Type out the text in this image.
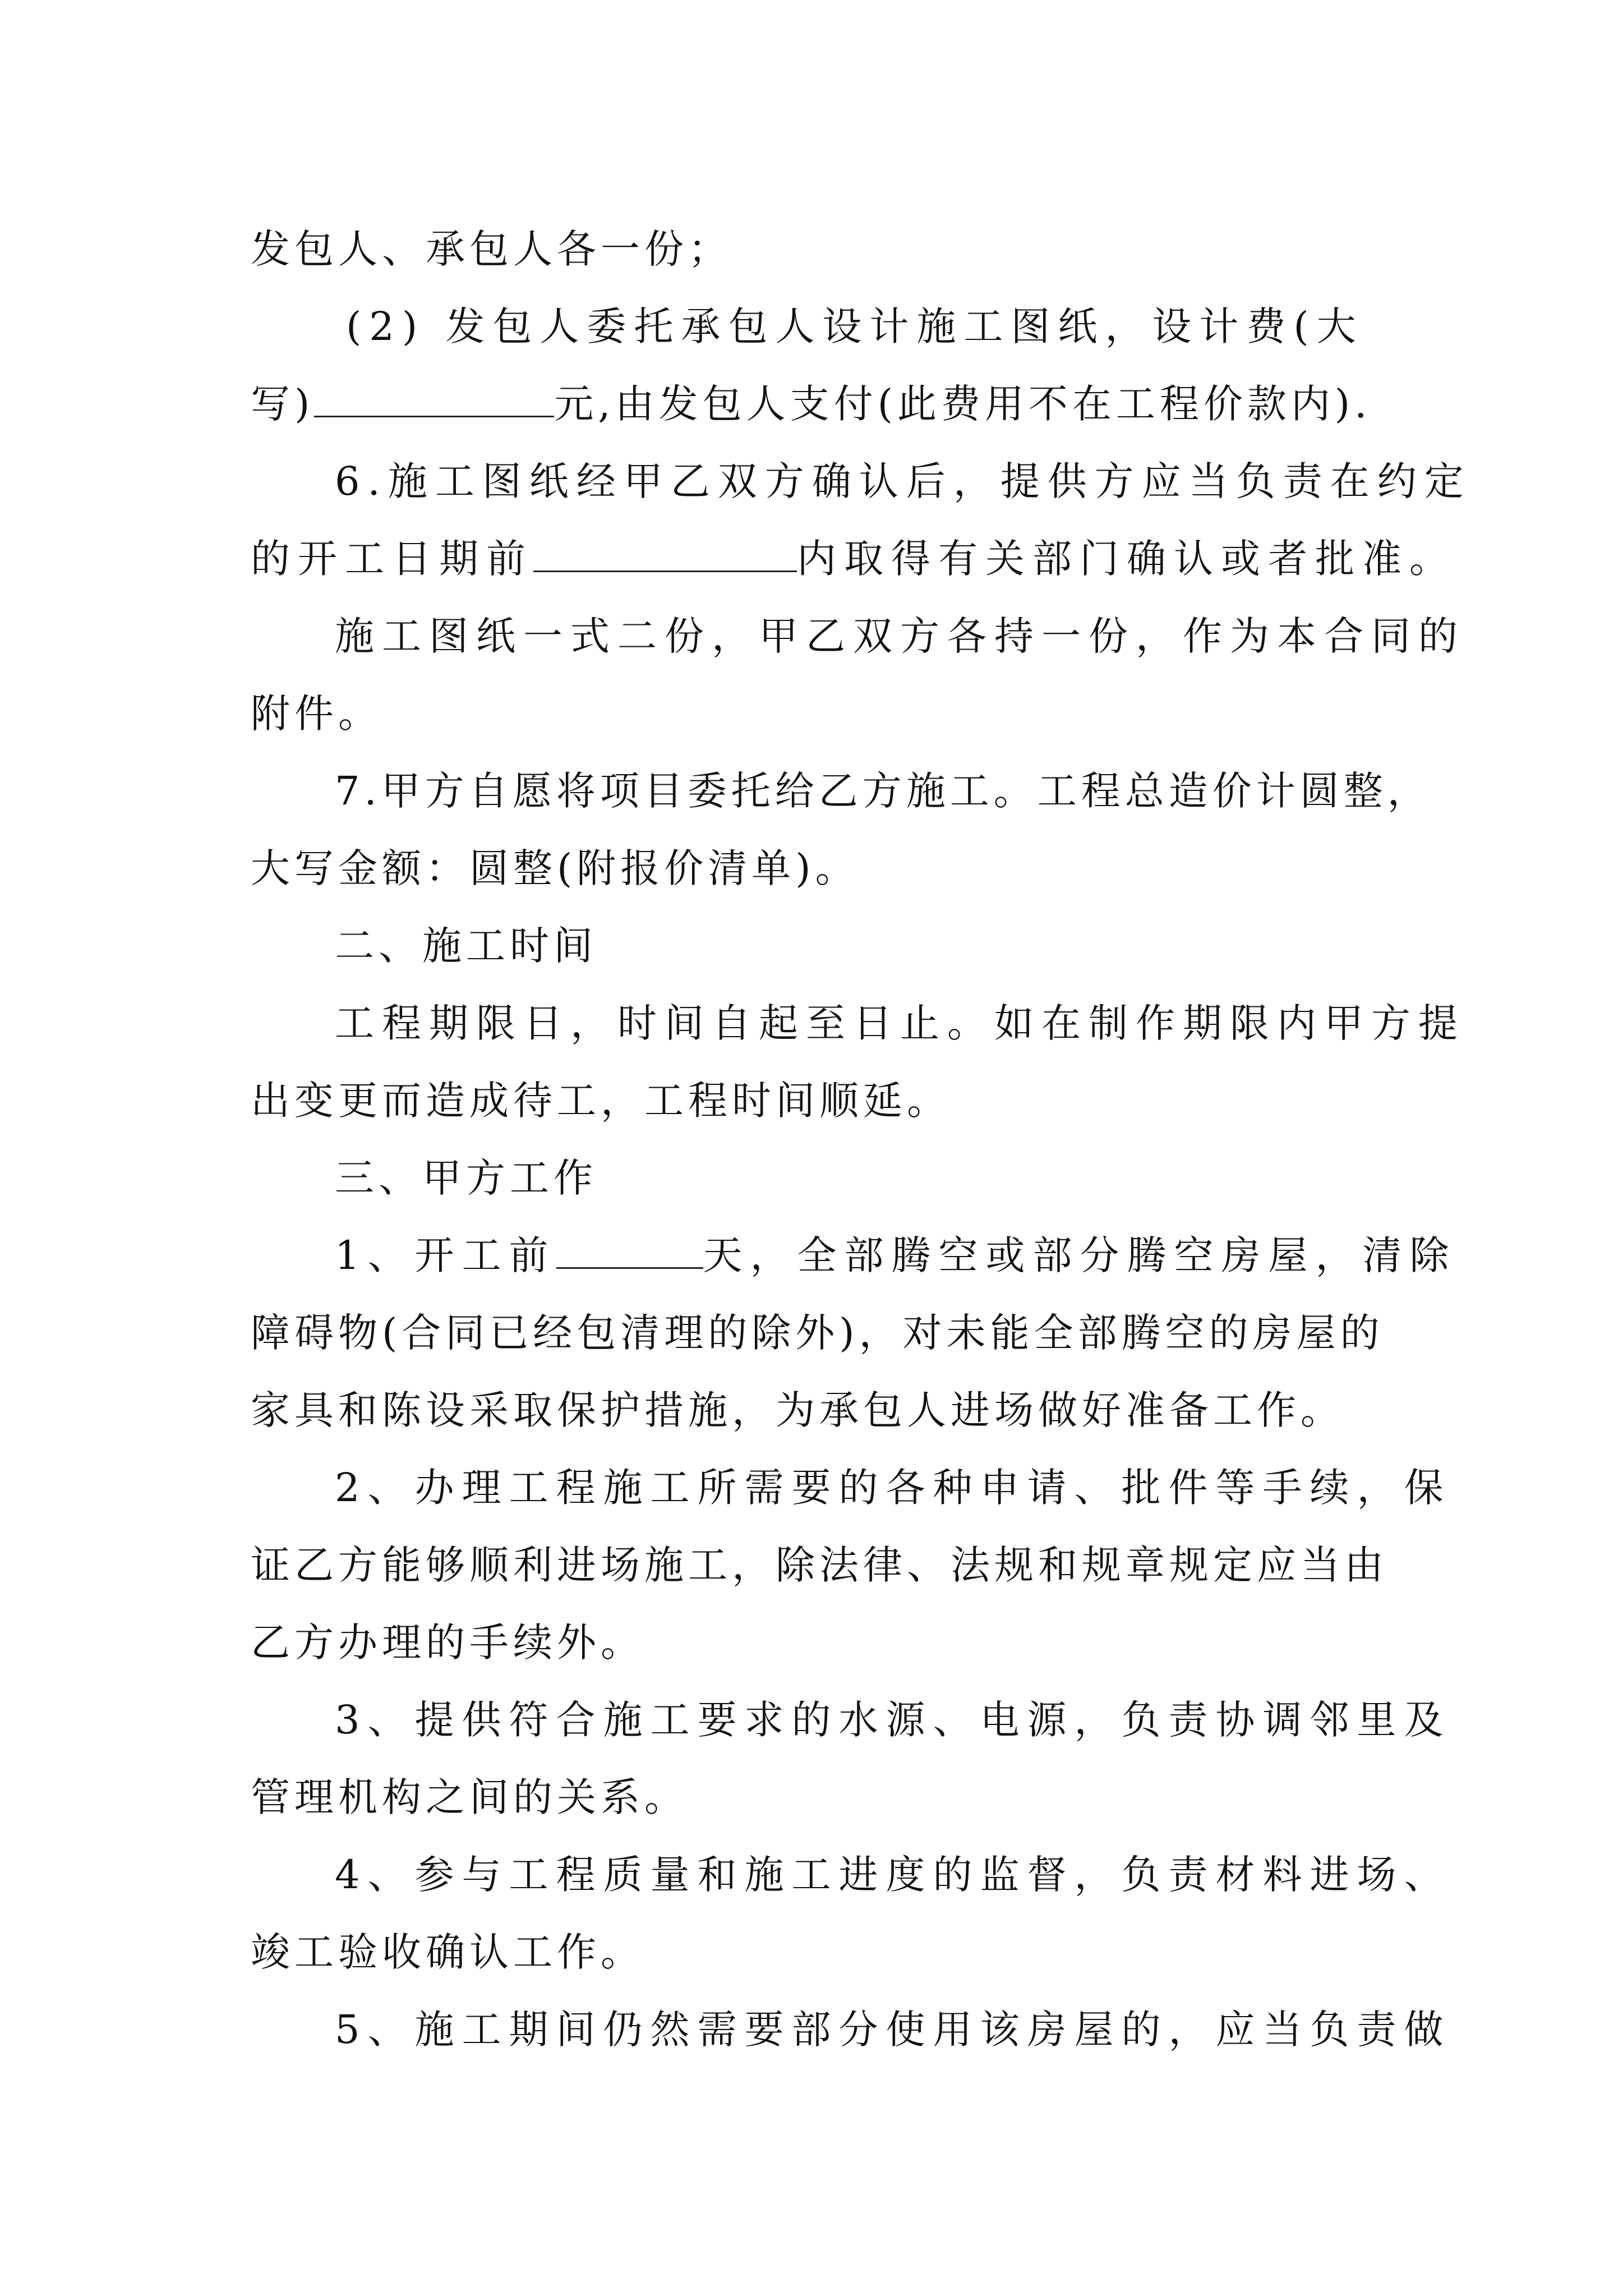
发包人、承包人各一份；
(2) 发包人委托承包人设计施工图纸，设计费(大
写)	元,由发包人支付(此费用不在工程价款内).
6.施工图纸经甲乙双方确认后，提供方应当负责在约定
的开工日期前	内取得有关部门确认或者批准。
施工图纸一式二份，甲乙双方各持一份，作为本合同的
附件。
7.甲方自愿将项目委托给乙方施工。工程总造价计圆整，
大写金额：圆整(附报价清单)。
二、施工时间
工程期限日，时间自起至日止。如在制作期限内甲方提
出变更而造成待工，工程时间顺延。
三、甲方工作
1、开工前	天，全部腾空或部分腾空房屋，清除
障碍物(合同已经包清理的除外)，对未能全部腾空的房屋的
家具和陈设采取保护措施，为承包人进场做好准备工作。
2、办理工程施工所需要的各种申请、批件等手续，保
证乙方能够顺利进场施工，除法律、法规和规章规定应当由
乙方办理的手续外。
3、提供符合施工要求的水源、电源，负责协调邻里及
管理机构之间的关系。
4、参与工程质量和施工进度的监督，负责材料进场、
竣工验收确认工作。
5、施工期间仍然需要部分使用该房屋的，应当负责做
